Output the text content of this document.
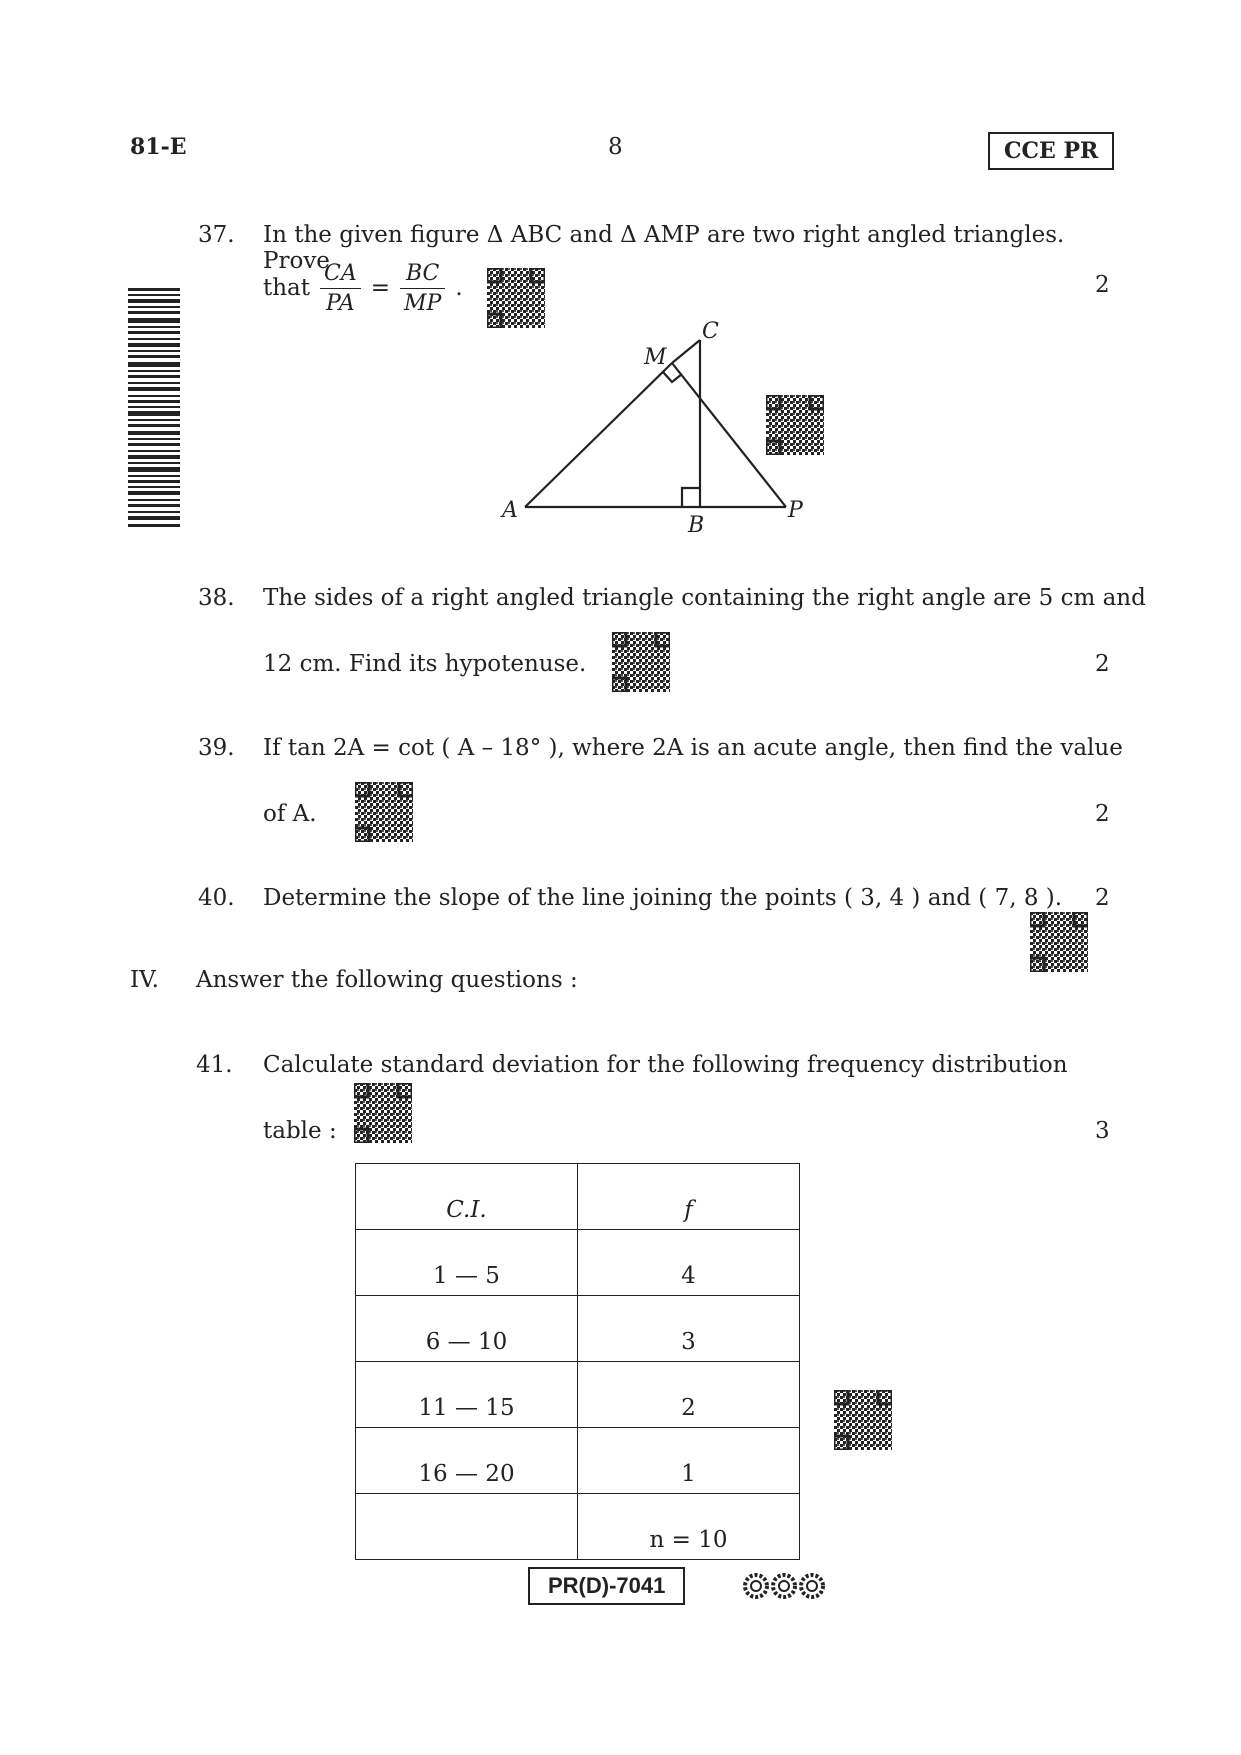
81-E	8	CCE PR
37. In the given figure Δ ABC and Δ AMP are two right angled triangles. Prove
that $\frac{CA}{PA} = \frac{BC}{MP}$ .	2
A
B
C
M
P
38. The sides of a right angled triangle containing the right angle are 5 cm and
12 cm. Find its hypotenuse.	2
39. If tan 2A = cot ( A – 18° ), where 2A is an acute angle, then find the value
of A.	2
40. Determine the slope of the line joining the points ( 3, 4 ) and ( 7, 8 ). 2
IV. Answer the following questions :
41. Calculate standard deviation for the following frequency distribution
table :	3
C.I.	f
1 — 5	4
6 — 10	3
11 — 15	2
16 — 20	1
	n = 10
PR(D)-7041
